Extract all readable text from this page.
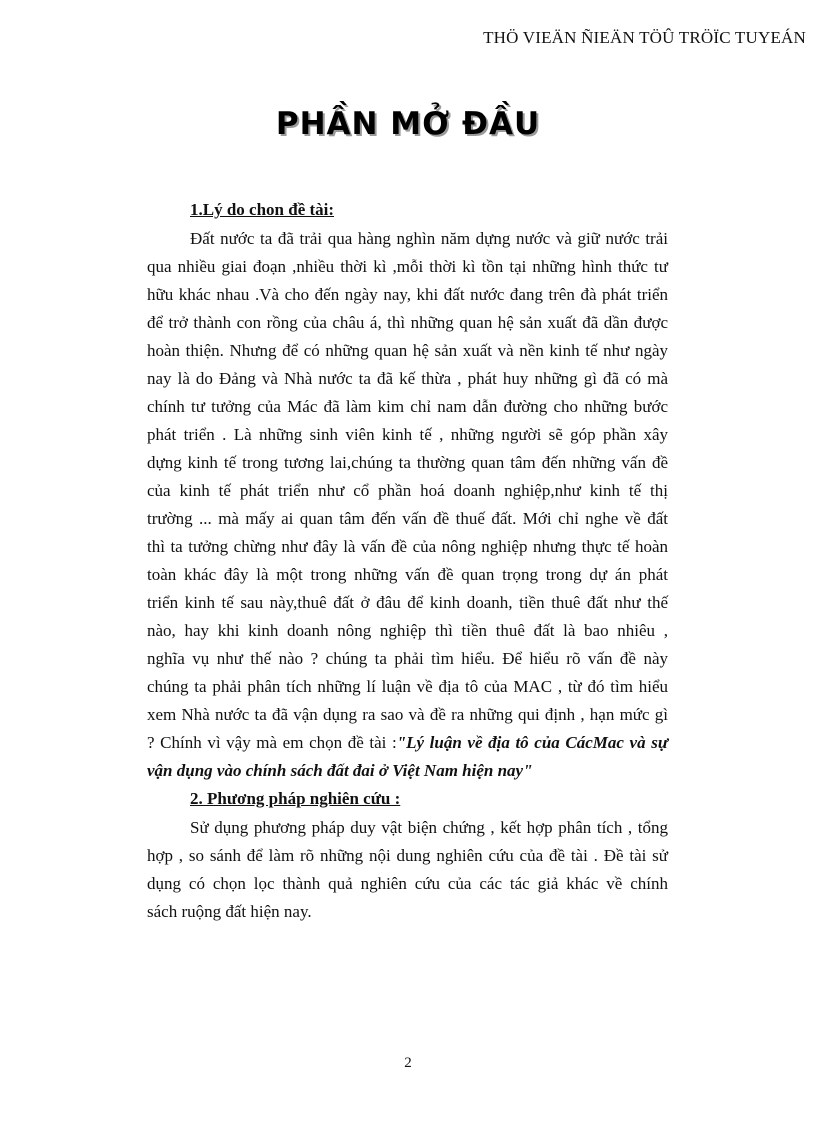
THÖ VIEÄN ÑIEÄN TÖÛ TRÖÏC TUYEÁN
PHẦN MỞ ĐẦU
1.Lý do chon đề tài:
Đất nước ta đã trải qua hàng nghìn năm dựng nước và giữ nước trải
qua nhiều giai đoạn ,nhiều thời kì ,mỗi thời kì tồn tại những hình thức tư
hữu khác nhau .Và cho đến ngày nay, khi đất nước đang trên đà phát triển
để trở thành con rồng của châu á, thì những quan hệ sản xuất đã dần được
hoàn thiện. Nhưng để có những quan hệ sản xuất và nền kinh tế như ngày
nay là do Đảng và Nhà nước ta đã kế thừa , phát huy những gì đã có mà
chính tư tưởng của Mác đã làm kim chỉ nam dẫn đường cho những bước
phát triển . Là những sinh viên kinh tế , những người sẽ góp phần xây
dựng kinh tế trong tương lai,chúng ta thường quan tâm đến những vấn đề
của kinh tế phát triển như cổ phần hoá doanh nghiệp,như kinh tế thị
trường ... mà mấy ai quan tâm đến vấn đề thuế đất. Mới chỉ nghe về đất
thì ta tưởng chừng như đây là vấn đề của nông nghiệp nhưng thực tế hoàn
toàn khác đây là một trong những vấn đề quan trọng trong dự án phát
triển kinh tế sau này,thuê đất ở đâu để kinh doanh, tiền thuê đất như thế
nào, hay khi kinh doanh nông nghiệp thì tiền thuê đất là bao nhiêu ,
nghĩa vụ như thế nào ? chúng ta phải tìm hiểu. Để hiểu rõ vấn đề này
chúng ta phải phân tích những lí luận về địa tô của MAC , từ đó tìm hiểu
xem Nhà nước ta đã vận dụng ra sao và đề ra những qui định , hạn mức gì
? Chính vì vậy mà em chọn đề tài :"Lý luận về địa tô của CácMac và sự
vận dụng vào chính sách đất đai ở Việt Nam hiện nay"
2. Phương pháp nghiên cứu :
Sử dụng phương pháp duy vật biện chứng , kết hợp phân tích , tổng
hợp , so sánh để làm rõ những nội dung nghiên cứu của đề tài . Đề tài sử
dụng có chọn lọc thành quả nghiên cứu của các tác giả khác về chính
sách ruộng đất hiện nay.
2
